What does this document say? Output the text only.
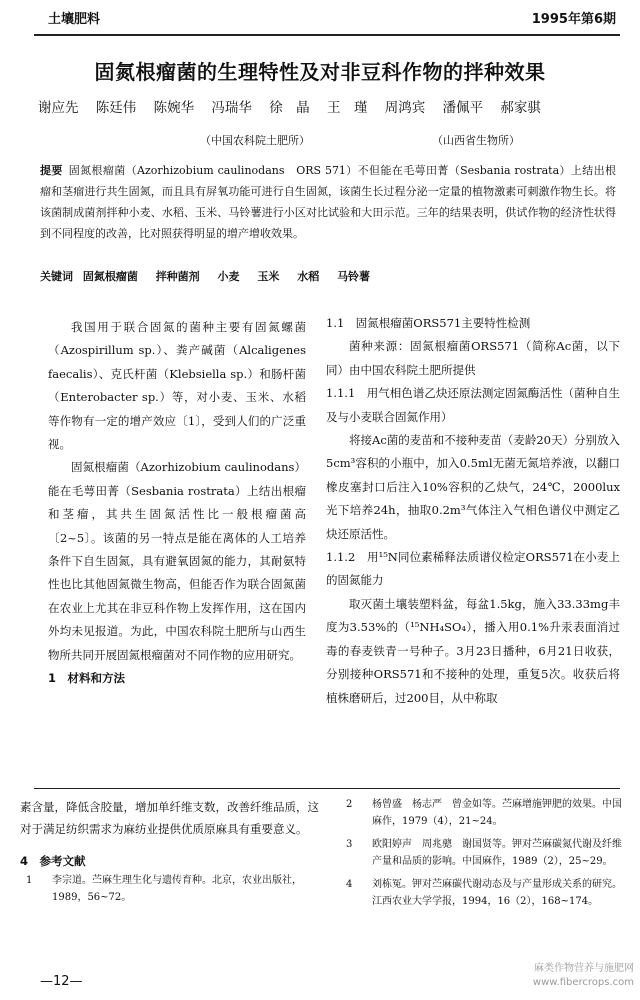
土壤肥料	1995年第6期
固氮根瘤菌的生理特性及对非豆科作物的拌种效果
谢应先 陈廷伟 陈婉华 冯瑞华 徐　晶 王　瑾 周鸿宾 潘佩平 郝家骐
（中国农科院土肥所）	（山西省生物所）
提要 固氮根瘤菌（Azorhizobium caulinodans　ORS 571）不但能在毛萼田菁（Sesbania rostrata）上结出根瘤和茎瘤进行共生固氮，而且具有屏氧功能可进行自生固氮，该菌生长过程分泌一定量的植物激素可刺激作物生长。将该菌制成菌剂拌种小麦、水稻、玉米、马铃薯进行小区对比试验和大田示范。三年的结果表明，供试作物的经济性状得到不同程度的改善，比对照获得明显的增产增收效果。
关键词 固氮根瘤菌 拌种菌剂 小麦 玉米 水稻 马铃薯

我国用于联合固氮的菌种主要有固氮螺菌（Azospirillum sp.）、粪产碱菌（Alcaligenes faecalis）、克氏杆菌（Klebsiella sp.）和肠杆菌（Enterobacter sp.）等，对小麦、玉米、水稻等作物有一定的增产效应〔1〕，受到人们的广泛重视。

固氮根瘤菌（Azorhizobium caulinodans）能在毛萼田菁（Sesbania rostrata）上结出根瘤和茎瘤，其共生固氮活性比一般根瘤菌高〔2~5〕。该菌的另一特点是能在离体的人工培养条件下自生固氮，具有避氧固氮的能力，其耐氨特性也比其他固氮微生物高，但能否作为联合固氮菌在农业上尤其在非豆科作物上发挥作用，这在国内外均未见报道。为此，中国农科院土肥所与山西生物所共同开展固氮根瘤菌对不同作物的应用研究。

1　材料和方法

1.1　固氮根瘤菌ORS571主要特性检测

菌种来源：固氮根瘤菌ORS571（简称Ac菌，以下同）由中国农科院土肥所提供

1.1.1　用气相色谱乙炔还原法测定固氮酶活性（菌种自生及与小麦联合固氮作用）

将接Ac菌的麦苗和不接种麦苗（麦龄20天）分别放入5cm³容积的小瓶中，加入0.5ml无菌无氮培养液，以翻口橡皮塞封口后注入10%容积的乙炔气，24℃，2000lux光下培养24h，抽取0.2m³气体注入气相色谱仪中测定乙炔还原活性。

1.1.2　用¹⁵N同位素稀释法质谱仪检定ORS571在小麦上的固氮能力

取灭菌土壤装塑料盆，每盆1.5kg，施入33.33mg丰度为3.53%的（¹⁵NH₄SO₄），播入用0.1%升汞表面消过毒的春麦铁青一号种子。3月23日播种，6月21日收获，分别接种ORS571和不接种的处理，重复5次。收获后将植株磨研后，过200目，从中称取

素含量，降低含胶量，增加单纤维支数，改善纤维品质，这对于满足纺织需求为麻纺业提供优质原麻具有重要意义。

4　参考文献

1	李宗道。苎麻生理生化与遗传育种。北京，农业出版社，1989，56~72。
2	杨曾盛　杨志严　曾金如等。苎麻增施钾肥的效果。中国麻作，1979（4），21~24。
3	欧阳婷声　周兆骢　谢国贤等。钾对苎麻碳氮代谢及纤维产量和品质的影响。中国麻作，1989（2），25~29。
4	刘栋冤。钾对苎麻碳代谢动态及与产量形成关系的研究。江西农业大学学报，1994，16（2），168~174。
—12—
麻类作物营养与施肥网
www.fibercrops.com
